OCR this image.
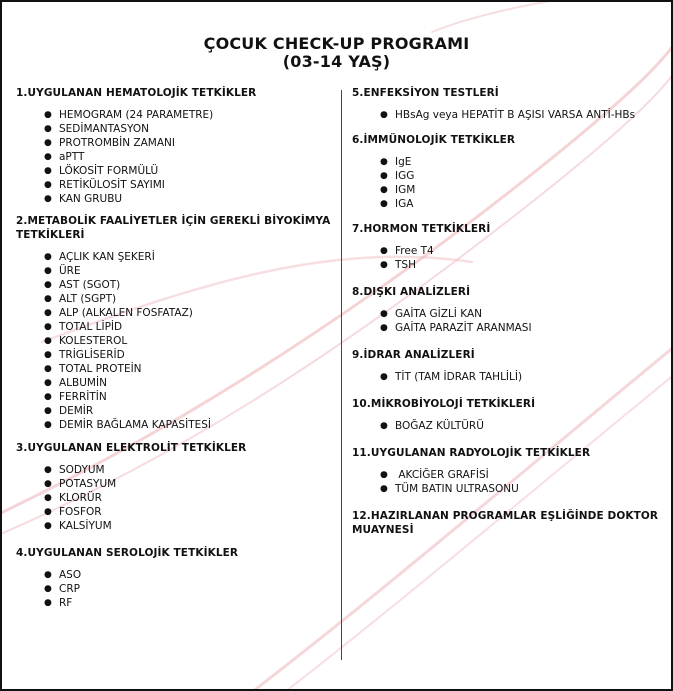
ÇOCUK CHECK-UP PROGRAMI
(03-14 YAŞ)
1.UYGULANAN HEMATOLOJİK TETKİKLER
● HEMOGRAM (24 PARAMETRE)
● SEDİMANTASYON
● PROTROMBİN ZAMANI
● aPTT
● LÖKOSİT FORMÜLÜ
● RETİKÜLOSİT SAYIMI
● KAN GRUBU
2.METABOLİK FAALİYETLER İÇİN GEREKLİ BİYOKİMYA TETKİKLERİ
● AÇLIK KAN ŞEKERİ
● ÜRE
● AST (SGOT)
● ALT (SGPT)
● ALP (ALKALEN FOSFATAZ)
● TOTAL LİPİD
● KOLESTEROL
● TRİGLİSERİD
● TOTAL PROTEİN
● ALBUMİN
● FERRİTİN
● DEMİR
● DEMİR BAĞLAMA KAPASİTESİ
3.UYGULANAN ELEKTROLİT TETKİKLER
● SODYUM
● POTASYUM
● KLORÜR
● FOSFOR
● KALSİYUM
4.UYGULANAN SEROLOJİK TETKİKLER
● ASO
● CRP
● RF
5.ENFEKSİYON TESTLERİ
● HBsAg veya HEPATİT B AŞISI VARSA ANTİ-HBs
6.İMMÜNOLOJİK TETKİKLER
● IgE
● IGG
● IGM
● IGA
7.HORMON TETKİKLERİ
● Free T4
● TSH
8.DIŞKI ANALİZLERİ
● GAİTA GİZLİ KAN
● GAİTA PARAZİT ARANMASI
9.İDRAR ANALİZLERİ
● TİT (TAM İDRAR TAHLİLİ)
10.MİKROBİYOLOJİ TETKİKLERİ
● BOĞAZ KÜLTÜRÜ
11.UYGULANAN RADYOLOJİK TETKİKLER
● AKCİĞER GRAFİSİ
● TÜM BATIN ULTRASONU
12.HAZIRLANAN PROGRAMLAR EŞLİĞİNDE DOKTOR MUAYNESİ
